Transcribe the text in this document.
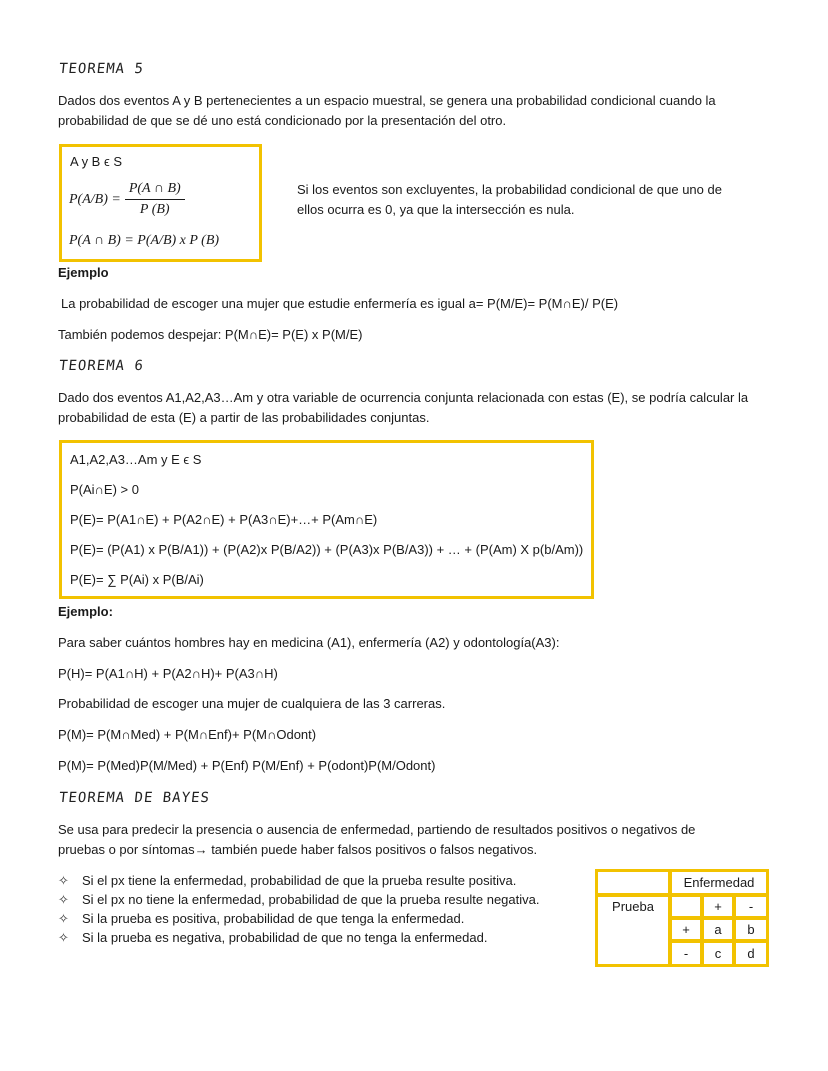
TEOREMA 5
Dados dos eventos A y B pertenecientes a un espacio muestral, se genera una probabilidad condicional cuando la
probabilidad de que se dé uno está condicionado por la presentación del otro.
A y B ϵ S
$P(A/B) = \frac{P(A \cap B)}{P (B)}$
P(A ∩ B) = P(A/B) x P (B)
Si los eventos son excluyentes, la probabilidad condicional de que uno de
ellos ocurra es 0, ya que la intersección es nula.
Ejemplo
La probabilidad de escoger una mujer que estudie enfermería es igual a= P(M/E)= P(M∩E)/ P(E)
También podemos despejar: P(M∩E)= P(E) x P(M/E)
TEOREMA 6
Dado dos eventos A1,A2,A3…Am y otra variable de ocurrencia conjunta relacionada con estas (E), se podría calcular la
probabilidad de esta (E) a partir de las probabilidades conjuntas.
A1,A2,A3…Am y E ϵ S
P(Ai∩E) > 0
P(E)= P(A1∩E) + P(A2∩E) + P(A3∩E)+…+ P(Am∩E)
P(E)= (P(A1) x P(B/A1)) + (P(A2)x P(B/A2)) + (P(A3)x P(B/A3)) + … + (P(Am) X p(b/Am))
P(E)= ∑ P(Ai) x P(B/Ai)
Ejemplo:
Para saber cuántos hombres hay en medicina (A1), enfermería (A2) y odontología(A3):
P(H)= P(A1∩H) + P(A2∩H)+ P(A3∩H)
Probabilidad de escoger una mujer de cualquiera de las 3 carreras.
P(M)= P(M∩Med) + P(M∩Enf)+ P(M∩Odont)
P(M)= P(Med)P(M/Med) + P(Enf) P(M/Enf) + P(odont)P(M/Odont)
TEOREMA DE BAYES
Se usa para predecir la presencia o ausencia de enfermedad, partiendo de resultados positivos o negativos de
pruebas o por síntomas→ también puede haber falsos positivos o falsos negativos.
✧ Si el px tiene la enfermedad, probabilidad de que la prueba resulte positiva.
✧ Si el px no tiene la enfermedad, probabilidad de que la prueba resulte negativa.
✧ Si la prueba es positiva, probabilidad de que tenga la enfermedad.
✧ Si la prueba es negativa, probabilidad de que no tenga la enfermedad.
	Enfermedad		
Prueba		+	-
	+	a	b
	-	c	d
